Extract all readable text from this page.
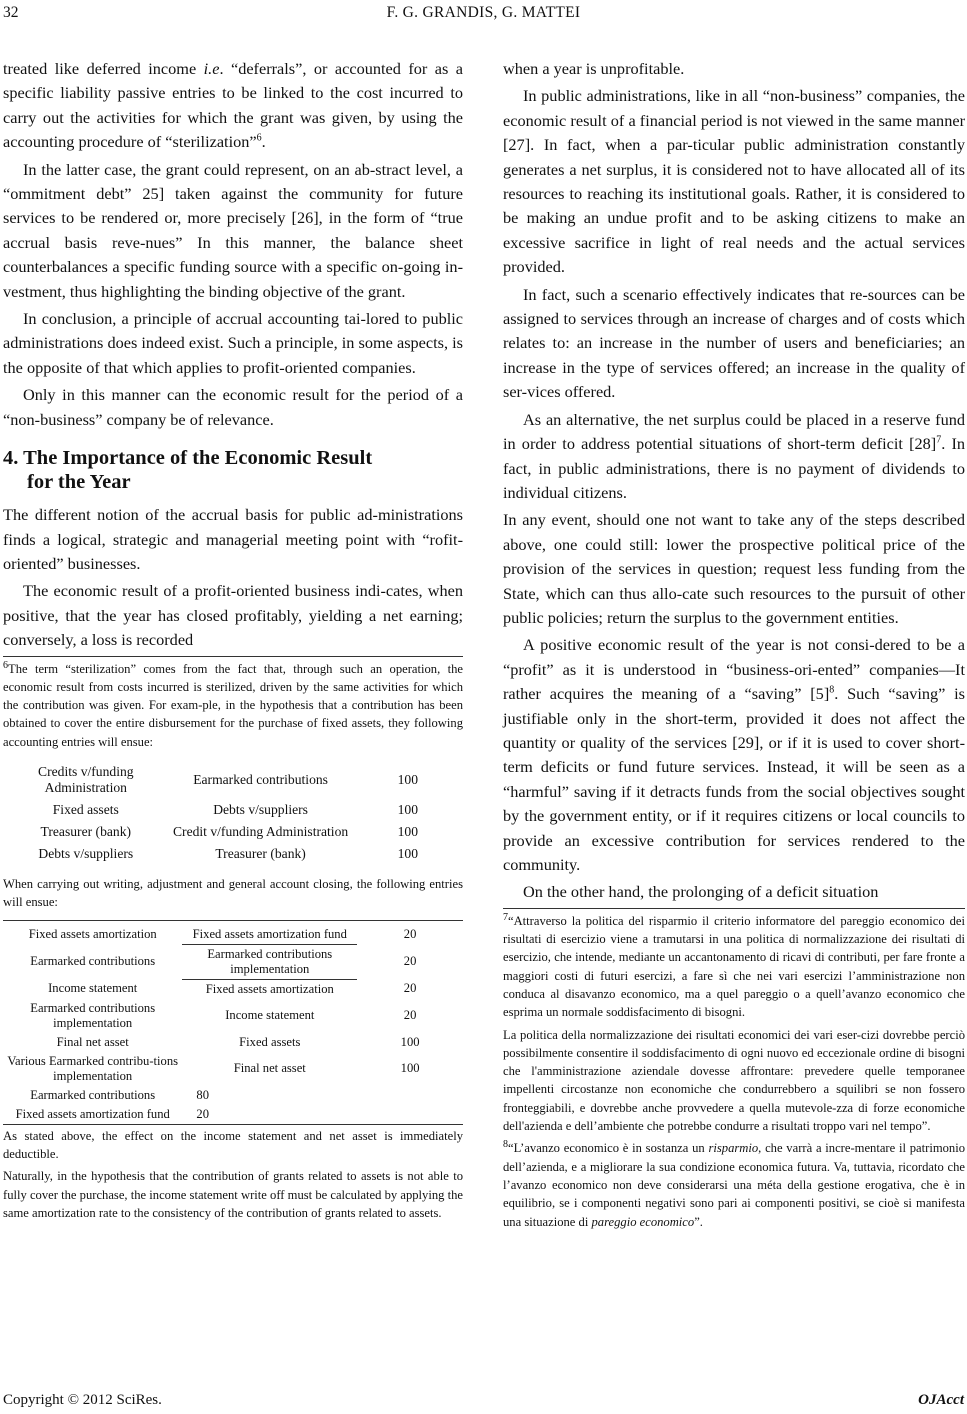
32	F. G. GRANDIS, G. MATTEI

treated like deferred income i.e. “deferrals”, or accounted for as a specific liability passive entries to be linked to the cost incurred to carry out the activities for which the grant was given, by using the accounting procedure of “sterilization”$^6$.

In the latter case, the grant could represent, on an ab-stract level, a “ommitment debt” 25] taken against the community for future services to be rendered or, more precisely [26], in the form of “true accrual basis reve-nues” In this manner, the balance sheet counterbalances a specific funding source with a specific on-going in-vestment, thus highlighting the binding objective of the grant.

In conclusion, a principle of accrual accounting tai-lored to public administrations does indeed exist. Such a principle, in some aspects, is the opposite of that which applies to profit-oriented companies.

Only in this manner can the economic result for the period of a “non-business” company be of relevance.

4. The Importance of the Economic Result
for the Year

The different notion of the accrual basis for public ad-ministrations finds a logical, strategic and managerial meeting point with “rofit-oriented” businesses.

The economic result of a profit-oriented business indi-cates, when positive, that the year has closed profitably, yielding a net earning; conversely, a loss is recorded

$^6$The term “sterilization” comes from the fact that, through such an operation, the economic result from costs incurred is sterilized, driven by the same activities for which the contribution was given. For exam-ple, in the hypothesis that a contribution has been obtained to cover the entire disbursement for the purchase of fixed assets, they following accounting entries will ensue:

Credits v/funding Administration	Earmarked contributions	100
Fixed assets	Debts v/suppliers	100
Treasurer (bank)	Credit v/funding Administration	100
Debts v/suppliers	Treasurer (bank)	100

When carrying out writing, adjustment and general account closing, the following entries will ensue:

Fixed assets amortization	Fixed assets amortization fund	20
Earmarked contributions	Earmarked contributions implementation	20
Income statement	Fixed assets amortization	20
Earmarked contributions implementation	Income statement	20
Final net asset	Fixed assets	100
Various Earmarked contribu-tions implementation	Final net asset	100
Earmarked contributions	80	
Fixed assets amortization fund	20	

As stated above, the effect on the income statement and net asset is immediately deductible.

Naturally, in the hypothesis that the contribution of grants related to assets is not able to fully cover the purchase, the income statement write off must be calculated by applying the same amortization rate to the consistency of the contribution of grants related to assets.

when a year is unprofitable.

In public administrations, like in all “non-business” companies, the economic result of a financial period is not viewed in the same manner [27]. In fact, when a par-ticular public administration constantly generates a net surplus, it is considered not to have allocated all of its resources to reaching its institutional goals. Rather, it is considered to be making an undue profit and to be asking citizens to make an excessive sacrifice in light of real needs and the actual services provided.

In fact, such a scenario effectively indicates that re-sources can be assigned to services through an increase of charges and of costs which relates to: an increase in the number of users and beneficiaries; an increase in the type of services offered; an increase in the quality of ser-vices offered.

As an alternative, the net surplus could be placed in a reserve fund in order to address potential situations of short-term deficit $[28]^7$. In fact, in public administrations, there is no payment of dividends to individual citizens.

In any event, should one not want to take any of the steps described above, one could still: lower the prospective political price of the provision of the services in question; request less funding from the State, which can thus allo-cate such resources to the pursuit of other public policies; return the surplus to the government entities.

A positive economic result of the year is not consi-dered to be a “profit” as it is understood in “business-ori-ented” companies—It rather acquires the meaning of a “saving” $[5]^8$. Such “saving” is justifiable only in the short-term, provided it does not affect the quantity or quality of the services [29], or if it is used to cover short-term deficits or fund future services. Instead, it will be seen as a “harmful” saving if it detracts funds from the social objectives sought by the government entity, or if it requires citizens or local councils to provide an excessive contribution for services rendered to the community.

On the other hand, the prolonging of a deficit situation

$^7$“Attraverso la politica del risparmio il criterio informatore del pareggio economico dei risultati di esercizio viene a tramutarsi in una politica di normalizzazione dei risultati di esercizio, che intende, mediante un accantonamento di ricavi di contributi, per fare fronte a maggiori costi di futuri esercizi, a fare sì che nei vari esercizi l’amministrazione non conduca al disavanzo economico, ma a quel pareggio o a quell’avanzo economico che esprima un normale soddisfacimento di bisogni.

La politica della normalizzazione dei risultati economici dei vari eser-cizi dovrebbe perciò possibilmente consentire il soddisfacimento di ogni nuovo ed eccezionale ordine di bisogni che l'amministrazione aziendale dovesse affrontare: prevedere quelle temporanee impellenti circostanze non economiche che condurrebbero a squilibri se non fossero fronteggiabili, e dovrebbe anche provvedere a quella mutevole-zza di forze economiche dell'azienda e dell’ambiente che potrebbe condurre a risultati troppo vari nel tempo”.

$^8$“L’avanzo economico è in sostanza un risparmio, che varrà a incre-mentare il patrimonio dell’azienda, e a migliorare la sua condizione economica futura. Va, tuttavia, ricordato che l’avanzo economico non deve considerarsi una méta della gestione erogativa, che è in equilibrio, se i componenti negativi sono pari ai componenti positivi, se cioè si manifesta una situazione di pareggio economico”.

Copyright © 2012 SciRes.	OJAcct
